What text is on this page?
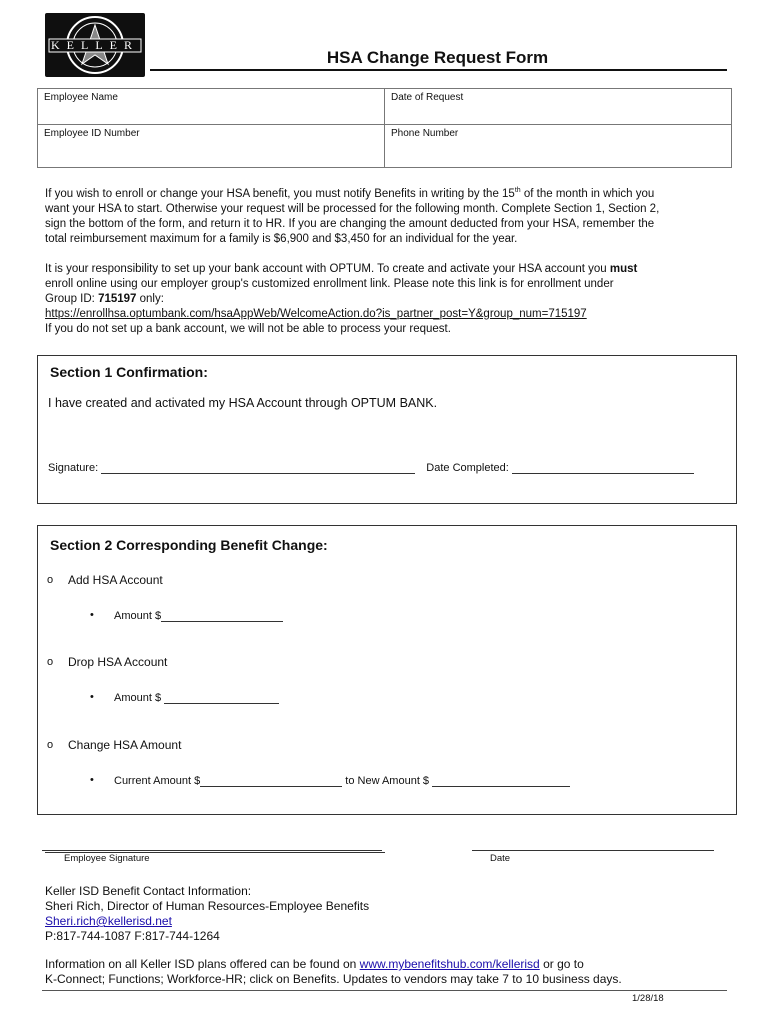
KELLER
HSA Change Request Form
Employee Name	Date of Request
Employee ID Number	Phone Number
If you wish to enroll or change your HSA benefit, you must notify Benefits in writing by the 15th of the month in which you
want your HSA to start. Otherwise your request will be processed for the following month. Complete Section 1, Section 2,
sign the bottom of the form, and return it to HR. If you are changing the amount deducted from your HSA, remember the
total reimbursement maximum for a family is $6,900 and $3,450 for an individual for the year.
It is your responsibility to set up your bank account with OPTUM. To create and activate your HSA account you must
enroll online using our employer group's customized enrollment link. Please note this link is for enrollment under
Group ID: 715197 only:
https://enrollhsa.optumbank.com/hsaAppWeb/WelcomeAction.do?is_partner_post=Y&group_num=715197
If you do not set up a bank account, we will not be able to process your request.
Section 1 Confirmation:
I have created and activated my HSA Account through OPTUM BANK.
Signature:	Date Completed:
Section 2 Corresponding Benefit Change:
o Add HSA Account
• Amount $
o Drop HSA Account
• Amount $
o Change HSA Amount
• Current Amount $	to New Amount $
Employee Signature	Date
Keller ISD Benefit Contact Information:
Sheri Rich, Director of Human Resources-Employee Benefits
Sheri.rich@kellerisd.net
P:817-744-1087 F:817-744-1264
Information on all Keller ISD plans offered can be found on www.mybenefitshub.com/kellerisd or go to
K-Connect; Functions; Workforce-HR; click on Benefits. Updates to vendors may take 7 to 10 business days.
1/28/18
